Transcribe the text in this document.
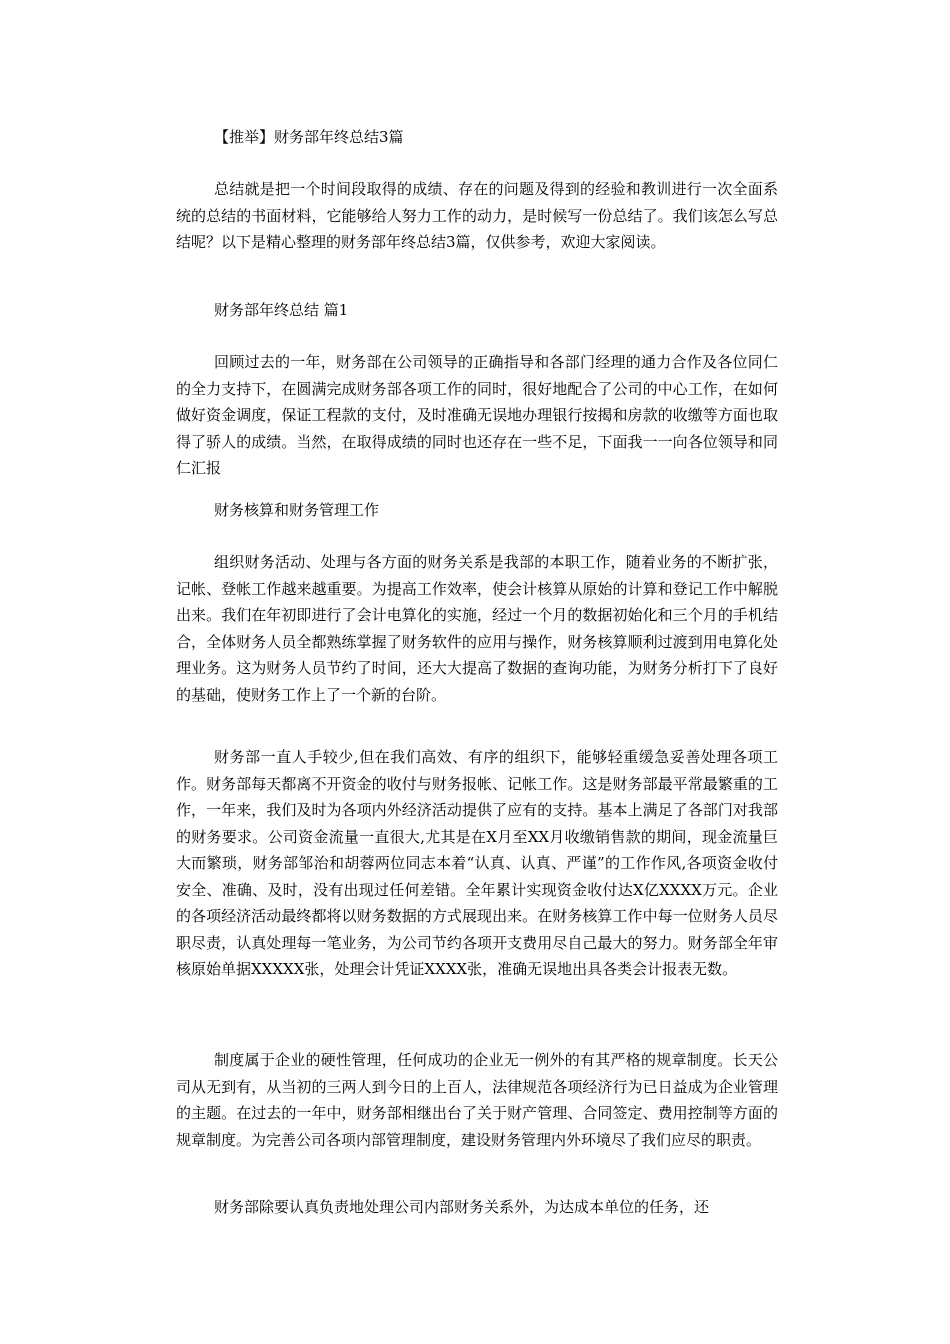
【推举】财务部年终总结3篇

总结就是把一个时间段取得的成绩、存在的问题及得到的经验和教训进行一次全面系统的总结的书面材料，它能够给人努力工作的动力，是时候写一份总结了。我们该怎么写总结呢？以下是精心整理的财务部年终总结3篇，仅供参考，欢迎大家阅读。

财务部年终总结 篇1

回顾过去的一年，财务部在公司领导的正确指导和各部门经理的通力合作及各位同仁的全力支持下，在圆满完成财务部各项工作的同时，很好地配合了公司的中心工作，在如何做好资金调度，保证工程款的支付，及时准确无误地办理银行按揭和房款的收缴等方面也取得了骄人的成绩。当然，在取得成绩的同时也还存在一些不足，下面我一一向各位领导和同仁汇报

财务核算和财务管理工作

组织财务活动、处理与各方面的财务关系是我部的本职工作，随着业务的不断扩张，记帐、登帐工作越来越重要。为提高工作效率，使会计核算从原始的计算和登记工作中解脱出来。我们在年初即进行了会计电算化的实施，经过一个月的数据初始化和三个月的手机结合，全体财务人员全都熟练掌握了财务软件的应用与操作，财务核算顺利过渡到用电算化处理业务。这为财务人员节约了时间，还大大提高了数据的查询功能，为财务分析打下了良好的基础，使财务工作上了一个新的台阶。

财务部一直人手较少,但在我们高效、有序的组织下，能够轻重缓急妥善处理各项工作。财务部每天都离不开资金的收付与财务报帐、记帐工作。这是财务部最平常最繁重的工作，一年来，我们及时为各项内外经济活动提供了应有的支持。基本上满足了各部门对我部的财务要求。公司资金流量一直很大,尤其是在X月至XX月收缴销售款的期间，现金流量巨大而繁琐，财务部邹治和胡蓉两位同志本着“认真、认真、严谨”的工作作风,各项资金收付安全、准确、及时，没有出现过任何差错。全年累计实现资金收付达X亿XXXX万元。企业的各项经济活动最终都将以财务数据的方式展现出来。在财务核算工作中每一位财务人员尽职尽责，认真处理每一笔业务，为公司节约各项开支费用尽自己最大的努力。财务部全年审核原始单据XXXXX张，处理会计凭证XXXX张，准确无误地出具各类会计报表无数。

制度属于企业的硬性管理，任何成功的企业无一例外的有其严格的规章制度。长天公司从无到有，从当初的三两人到今日的上百人，法律规范各项经济行为已日益成为企业管理的主题。在过去的一年中，财务部相继出台了关于财产管理、合同签定、费用控制等方面的规章制度。为完善公司各项内部管理制度，建设财务管理内外环境尽了我们应尽的职责。

财务部除要认真负责地处理公司内部财务关系外，为达成本单位的任务，还
